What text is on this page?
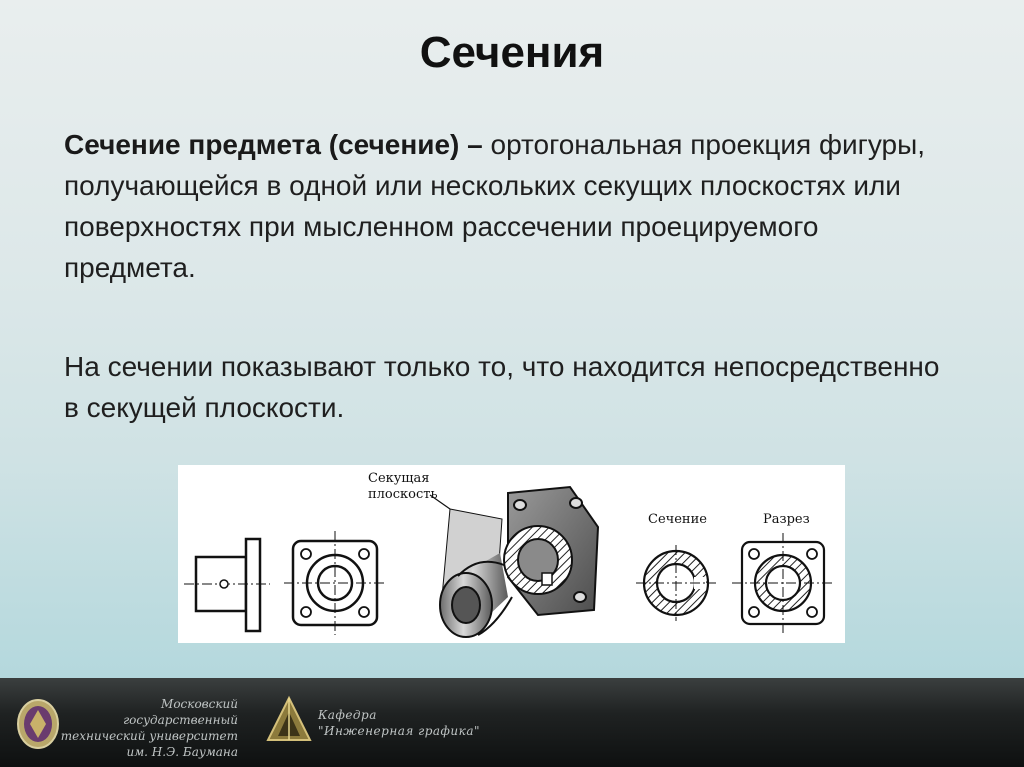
Сечения

Сечение предмета (сечение) – ортогональная проекция фигуры, получающейся в одной или нескольких секущих плоскостях или поверхностях при мысленном рассечении проецируемого предмета.

На сечении показывают только то, что находится непосредственно в секущей плоскости.

Секущая
плоскость
Сечение	Разрез
Московский государственный
технический университет
им. Н.Э. Баумана
Кафедра
"Инженерная графика"
